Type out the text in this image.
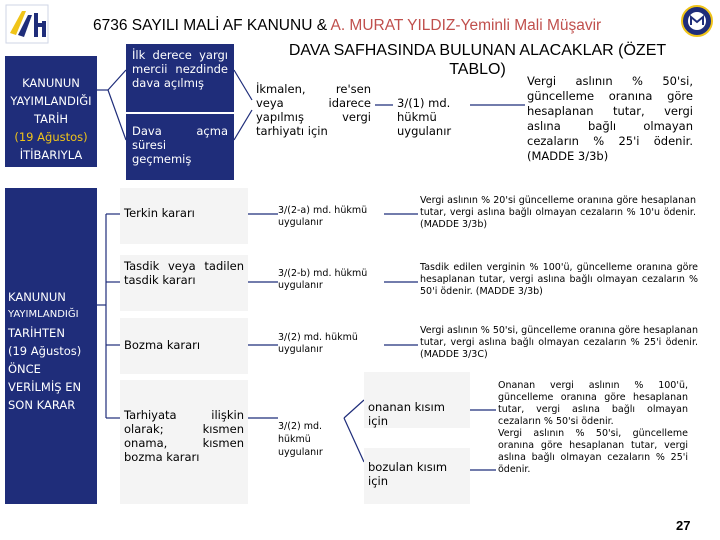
6736 SAYILI MALİ AF KANUNU & A. MURAT YILDIZ-Yeminli Mali Müşavir
DAVA SAFHASINDA BULUNAN ALACAKLAR (ÖZET
TABLO)
KANUNUN YAYIMLANDIĞI TARİH
(19 Ağustos)
İTİBARIYLA
KANUNUN
YAYIMLANDIĞI
TARİHTEN
(19 Ağustos)
ÖNCE VERİLMİŞ EN SON KARAR
İlk derece yargı mercii nezdinde dava açılmış
Dava açma süresi geçmemiş
İkmalen, re'sen veya idarece yapılmış vergi tarhiyatı için
3/(1) md. hükmü uygulanır
Vergi aslının % 50'si, güncelleme oranına göre hesaplanan tutar, vergi aslına bağlı olmayan cezaların % 25'i ödenir. (MADDE 3/3b)
Terkin kararı	3/(2-a) md. hükmü uygulanır
Vergi aslının % 20'si güncelleme oranına göre hesaplanan tutar, vergi aslına bağlı olmayan cezaların % 10'u ödenir. (MADDE 3/3b)
Tasdik veya tadilen tasdik kararı	3/(2-b) md. hükmü uygulanır
Tasdik edilen verginin % 100'ü, güncelleme oranına göre hesaplanan tutar, vergi aslına bağlı olmayan cezaların % 50'i ödenir. (MADDE 3/3b)
Bozma kararı
3/(2) md. hükmü uygulanır
Vergi aslının % 50'si, güncelleme oranına göre hesaplanan tutar, vergi aslına bağlı olmayan cezaların % 25'i ödenir. (MADDE 3/3C)
Tarhiyata ilişkin olarak; kısmen onama, kısmen bozma kararı
3/(2) md. hükmü uygulanır
onanan kısım için
bozulan kısım için
Onanan vergi aslının % 100'ü, güncelleme oranına göre hesaplanan tutar, vergi aslına bağlı olmayan cezaların % 50'si ödenir.
Vergi aslının % 50'si, güncelleme oranına göre hesaplanan tutar, vergi aslına bağlı olmayan cezaların % 25'i ödenir.
27
